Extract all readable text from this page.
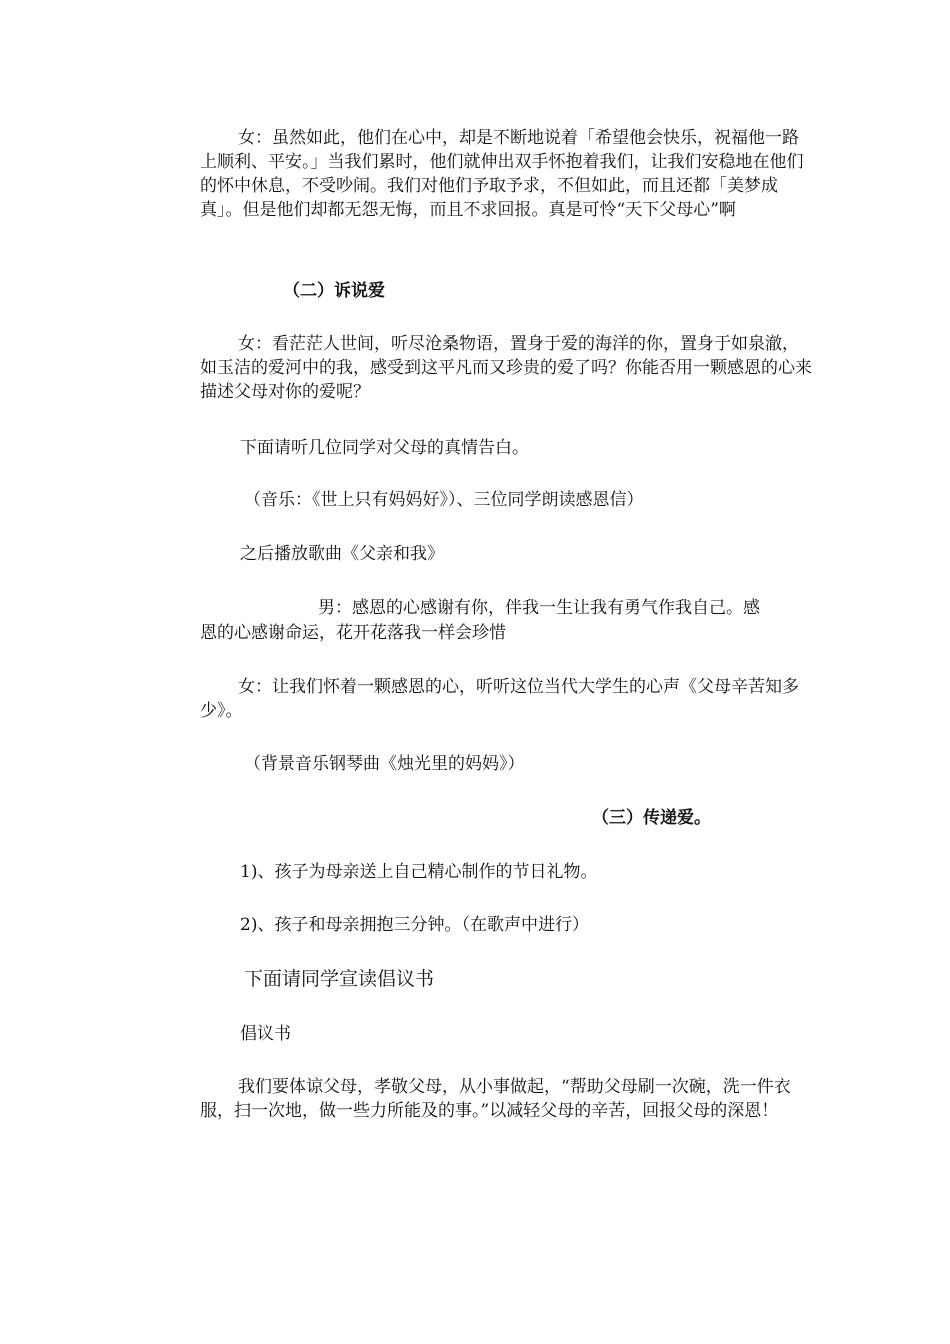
女：虽然如此，他们在心中，却是不断地说着「希望他会快乐，祝福他一路上顺利、平安。」当我们累时，他们就伸出双手怀抱着我们，让我们安稳地在他们的怀中休息，不受吵闹。我们对他们予取予求，不但如此，而且还都「美梦成真」。但是他们却都无怨无悔，而且不求回报。真是可怜“天下父母心”啊

（二）诉说爱

女：看茫茫人世间，听尽沧桑物语，置身于爱的海洋的你，置身于如泉澈，如玉洁的爱河中的我，感受到这平凡而又珍贵的爱了吗？你能否用一颗感恩的心来描述父母对你的爱呢？

下面请听几位同学对父母的真情告白。

（音乐：《世上只有妈妈好》）、三位同学朗读感恩信）

之后播放歌曲《父亲和我》

男：感恩的心感谢有你，伴我一生让我有勇气作我自己。感

恩的心感谢命运，花开花落我一样会珍惜

女：让我们怀着一颗感恩的心，听听这位当代大学生的心声《父母辛苦知多少》。

（背景音乐钢琴曲《烛光里的妈妈》）

（三）传递爱。

1)、孩子为母亲送上自己精心制作的节日礼物。

2)、孩子和母亲拥抱三分钟。（在歌声中进行）

下面请同学宣读倡议书

倡议书

我们要体谅父母，孝敬父母，从小事做起，“帮助父母刷一次碗，洗一件衣服，扫一次地，做一些力所能及的事。”以减轻父母的辛苦，回报父母的深恩！
